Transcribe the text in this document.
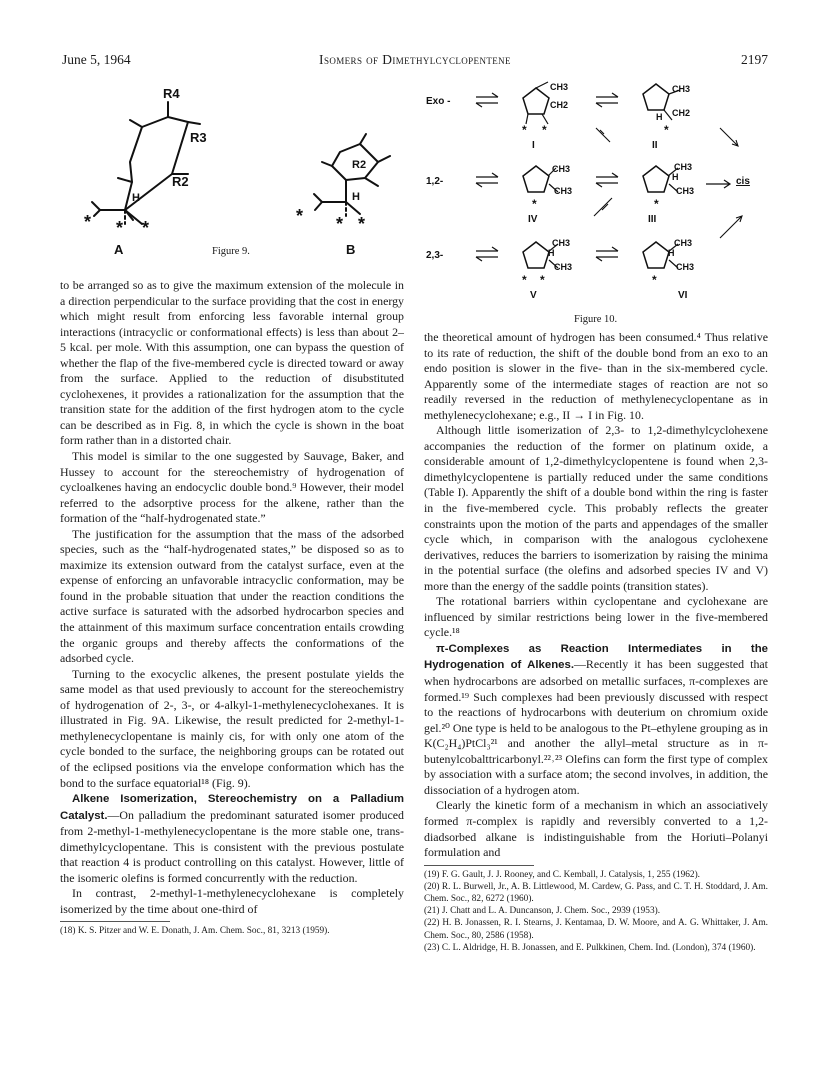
June 5, 1964	Isomers of Dimethylcyclopentene	2197
R4
R3
R2
H
* * *
A
R2
H
* * *
B
Figure 9.
Exo -
1,2-
2,3-
CH3
CH2
* *
I
CH3
H CH2
*
II
CH3
CH3
*
IV
CH3
H
CH3
*
III
cis
CH3
H
CH3
* *
V
CH3
H
CH3
*
VI
Figure 10.

to be arranged so as to give the maximum extension of the molecule in a direction perpendicular to the surface providing that the cost in energy which might result from enforcing less favorable internal group interactions (intracyclic or conformational effects) is less than about 2–5 kcal. per mole. With this assumption, one can bypass the question of whether the flap of the five-membered cycle is directed toward or away from the surface. Applied to the reduction of disubstituted cyclohexenes, it provides a rationalization for the assumption that the transition state for the addition of the first hydrogen atom to the cycle can be described as in Fig. 8, in which the cycle is shown in the boat form rather than in a distorted chair.

This model is similar to the one suggested by Sauvage, Baker, and Hussey to account for the stereochemistry of hydrogenation of cycloalkenes having an endocyclic double bond.⁹ However, their model referred to the adsorptive process for the alkene, rather than the formation of the “half-hydrogenated state.”

The justification for the assumption that the mass of the adsorbed species, such as the “half-hydrogenated states,” be disposed so as to maximize its extension outward from the catalyst surface, even at the expense of enforcing an unfavorable intracyclic conformation, may be found in the probable situation that under the reaction conditions the active surface is saturated with the adsorbed hydrocarbon species and the attainment of this maximum surface concentration entails crowding the organic groups and thereby affects the conformations of the adsorbed cycle.

Turning to the exocyclic alkenes, the present postulate yields the same model as that used previously to account for the stereochemistry of hydrogenation of 2-, 3-, or 4-alkyl-1-methylenecyclohexanes. It is illustrated in Fig. 9A. Likewise, the result predicted for 2-methyl-1-methylenecyclopentane is mainly cis, for with only one atom of the cycle bonded to the surface, the neighboring groups can be rotated out of the eclipsed positions via the envelope conformation which has the bond to the surface equatorial¹⁸ (Fig. 9).

Alkene Isomerization, Stereochemistry on a Palladium Catalyst.—On palladium the predominant saturated isomer produced from 2-methyl-1-methylenecyclopentane is the more stable one, trans-dimethylcyclopentane. This is consistent with the previous postulate that reaction 4 is product controlling on this catalyst. However, little of the isomeric olefins is formed concurrently with the reduction.

In contrast, 2-methyl-1-methylenecyclohexane is completely isomerized by the time about one-third of

(18) K. S. Pitzer and W. E. Donath, J. Am. Chem. Soc., 81, 3213 (1959).

the theoretical amount of hydrogen has been consumed.⁴ Thus relative to its rate of reduction, the shift of the double bond from an exo to an endo position is slower in the five- than in the six-membered cycle. Apparently some of the intermediate stages of reaction are not so readily reversed in the reduction of methylenecyclopentane as in methylenecyclohexane; e.g., II → I in Fig. 10.

Although little isomerization of 2,3- to 1,2-dimethylcyclohexene accompanies the reduction of the former on platinum oxide, a considerable amount of 1,2-dimethylcyclopentene is found when 2,3-dimethylcyclopentene is partially reduced under the same conditions (Table I). Apparently the shift of a double bond within the ring is faster in the five-membered cycle. This probably reflects the greater constraints upon the motion of the parts and appendages of the smaller cycle which, in comparison with the analogous cyclohexene derivatives, reduces the barriers to isomerization by raising the minima in the potential surface (the olefins and adsorbed species IV and V) more than the energy of the saddle points (transition states).

The rotational barriers within cyclopentane and cyclohexane are influenced by similar restrictions being lower in the five-membered cycle.¹⁸

π-Complexes as Reaction Intermediates in the Hydrogenation of Alkenes.—Recently it has been suggested that when hydrocarbons are adsorbed on metallic surfaces, π-complexes are formed.¹⁹ Such complexes had been previously discussed with respect to the reactions of hydrocarbons with deuterium on chromium oxide gel.²⁰ One type is held to be analogous to the Pt–ethylene grouping as in K(C₂H₄)PtCl₃²¹ and another the allyl–metal structure as in π-butenylcobalttricarbonyl.²²˒²³ Olefins can form the first type of complex by association with a surface atom; the second involves, in addition, the dissociation of a hydrogen atom.

Clearly the kinetic form of a mechanism in which an associatively formed π-complex is rapidly and reversibly converted to a 1,2-diadsorbed alkane is indistinguishable from the Horiuti–Polanyi formulation and

(19) F. G. Gault, J. J. Rooney, and C. Kemball, J. Catalysis, 1, 255 (1962).

(20) R. L. Burwell, Jr., A. B. Littlewood, M. Cardew, G. Pass, and C. T. H. Stoddard, J. Am. Chem. Soc., 82, 6272 (1960).

(21) J. Chatt and L. A. Duncanson, J. Chem. Soc., 2939 (1953).

(22) H. B. Jonassen, R. I. Stearns, J. Kentamaa, D. W. Moore, and A. G. Whittaker, J. Am. Chem. Soc., 80, 2586 (1958).

(23) C. L. Aldridge, H. B. Jonassen, and E. Pulkkinen, Chem. Ind. (London), 374 (1960).
